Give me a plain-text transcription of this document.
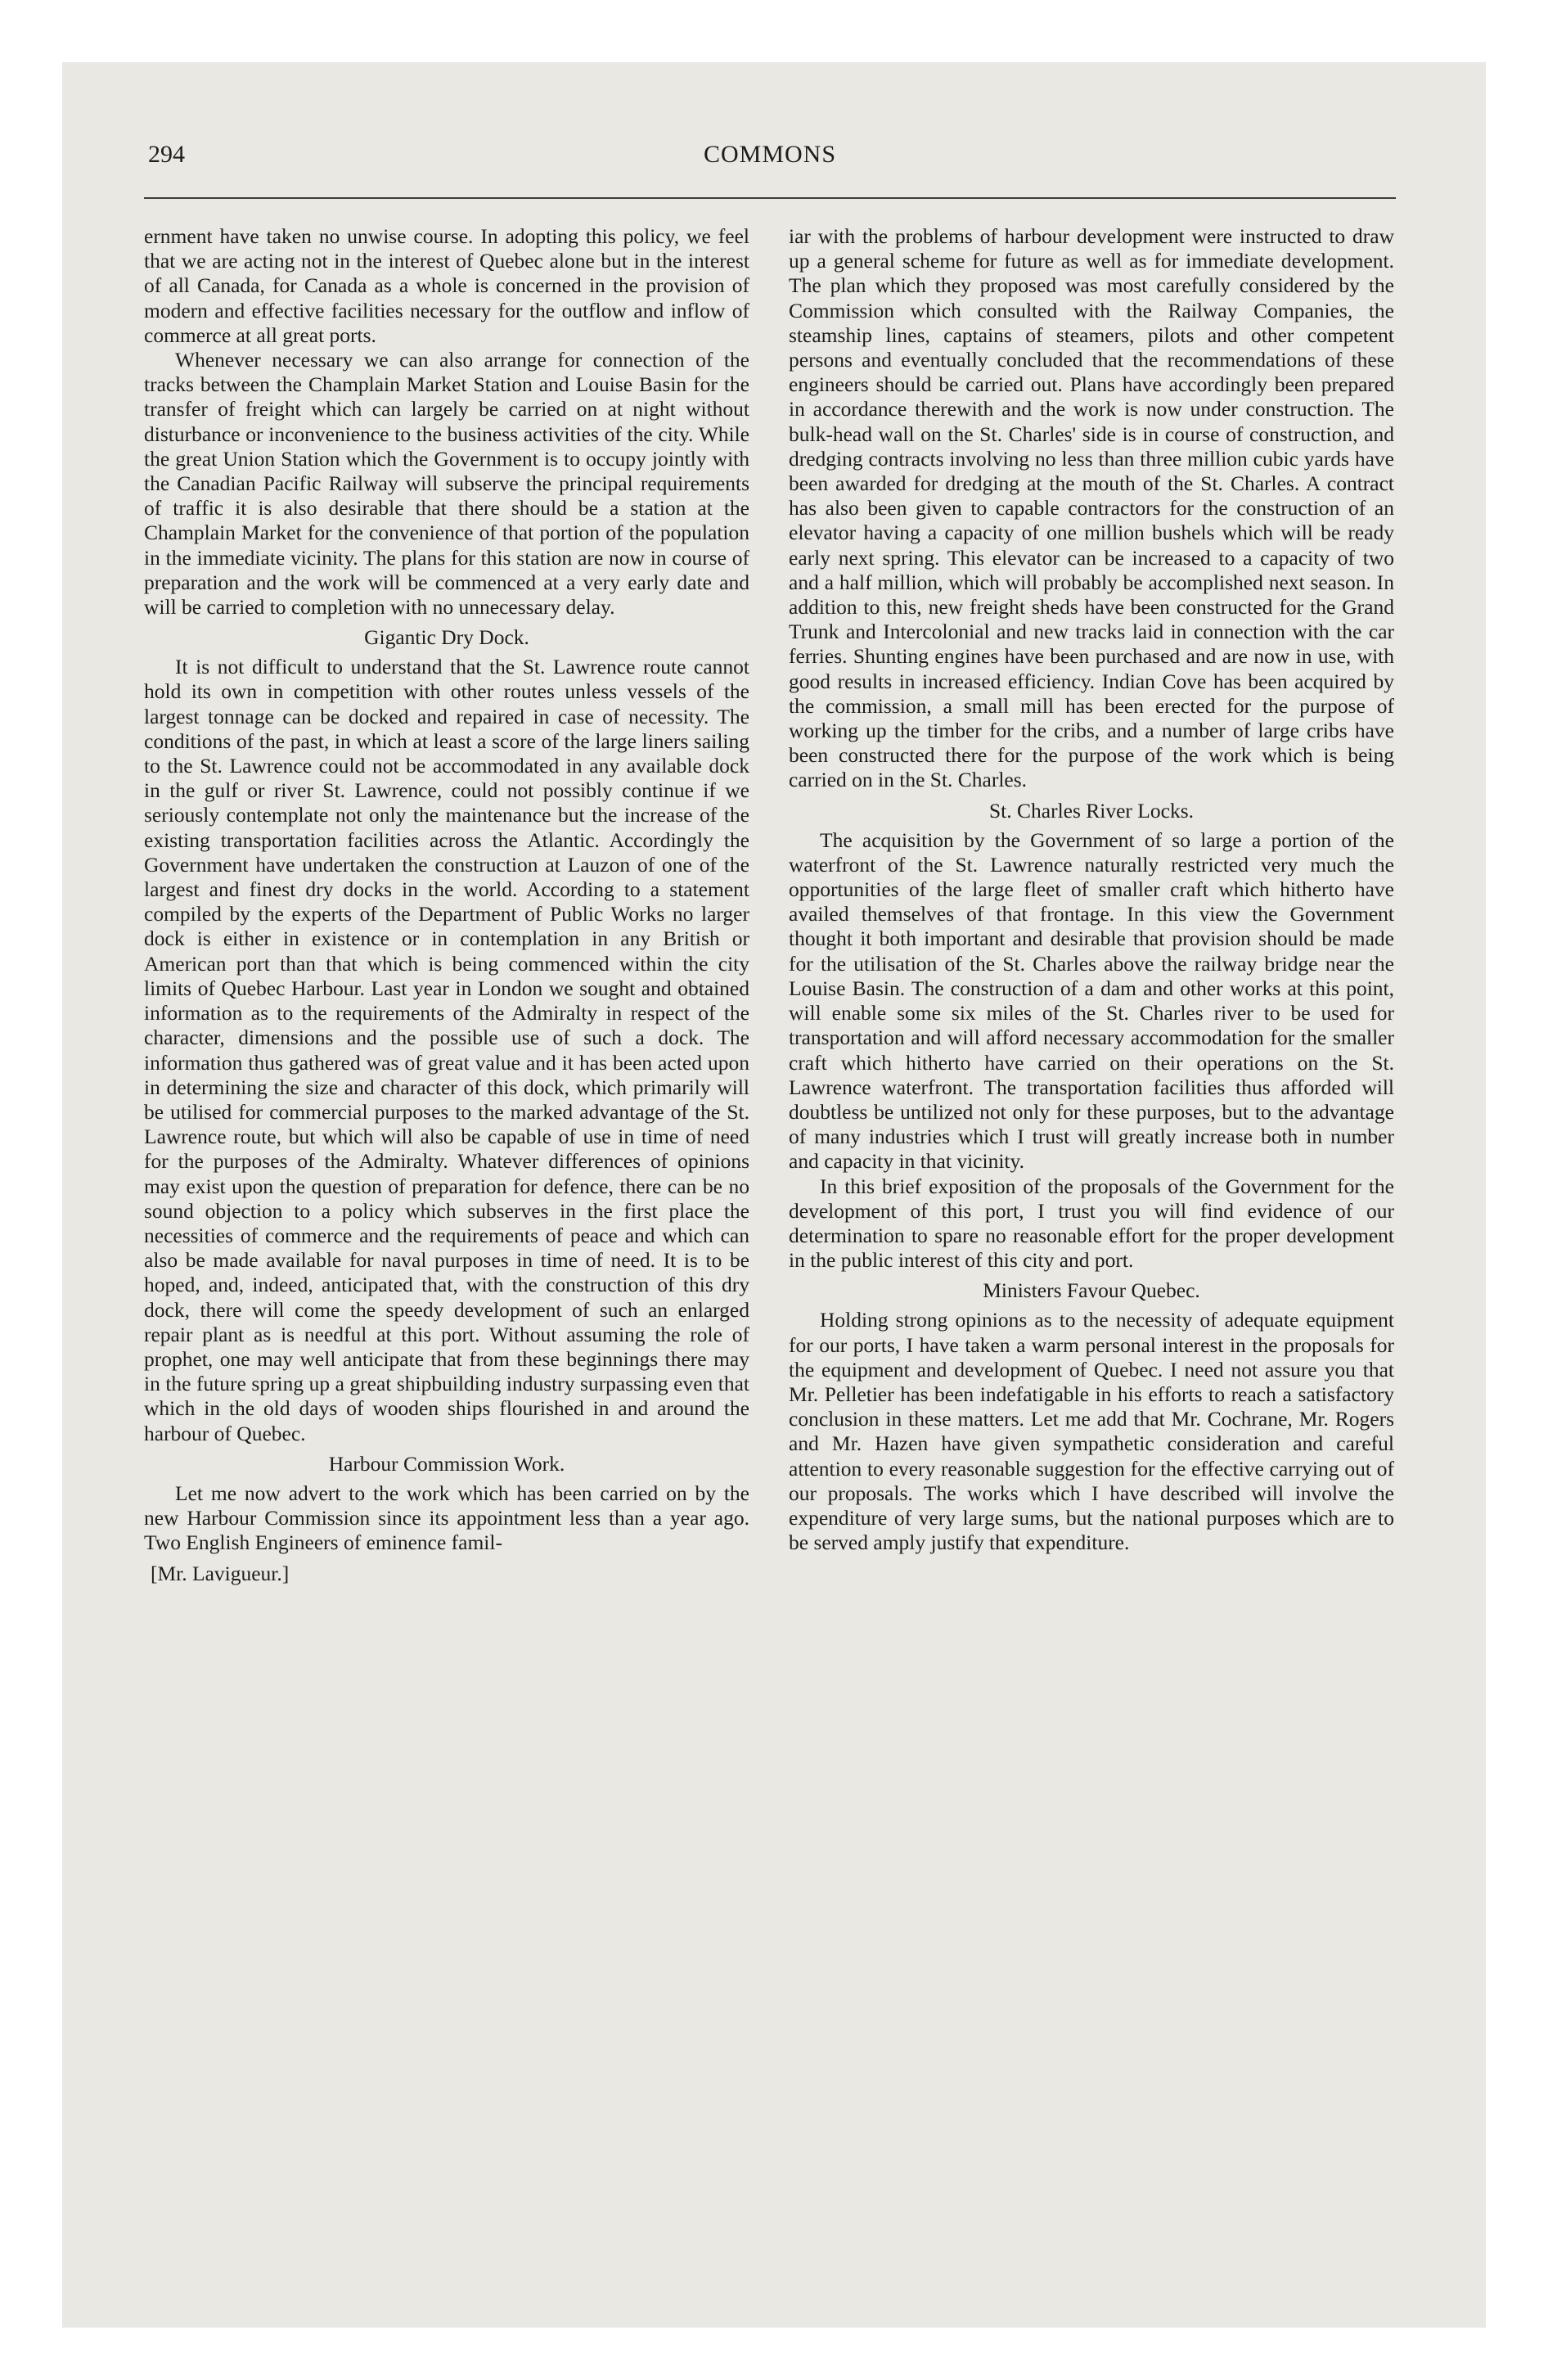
294	COMMONS

ernment have taken no unwise course. In adopting this policy, we feel that we are acting not in the interest of Quebec alone but in the interest of all Canada, for Canada as a whole is concerned in the provision of modern and effective facilities necessary for the outflow and inflow of commerce at all great ports.

Whenever necessary we can also arrange for connection of the tracks between the Champlain Market Station and Louise Basin for the transfer of freight which can largely be carried on at night without disturbance or inconvenience to the business activities of the city. While the great Union Station which the Government is to occupy jointly with the Canadian Pacific Railway will subserve the principal requirements of traffic it is also desirable that there should be a station at the Champlain Market for the convenience of that portion of the population in the immediate vicinity. The plans for this station are now in course of preparation and the work will be commenced at a very early date and will be carried to completion with no unnecessary delay.

Gigantic Dry Dock.

It is not difficult to understand that the St. Lawrence route cannot hold its own in competition with other routes unless vessels of the largest tonnage can be docked and repaired in case of necessity. The conditions of the past, in which at least a score of the large liners sailing to the St. Lawrence could not be accommodated in any available dock in the gulf or river St. Lawrence, could not possibly continue if we seriously contemplate not only the maintenance but the increase of the existing transportation facilities across the Atlantic. Accordingly the Government have undertaken the construction at Lauzon of one of the largest and finest dry docks in the world. According to a statement compiled by the experts of the Department of Public Works no larger dock is either in existence or in contemplation in any British or American port than that which is being commenced within the city limits of Quebec Harbour. Last year in London we sought and obtained information as to the requirements of the Admiralty in respect of the character, dimensions and the possible use of such a dock. The information thus gathered was of great value and it has been acted upon in determining the size and character of this dock, which primarily will be utilised for commercial purposes to the marked advantage of the St. Lawrence route, but which will also be capable of use in time of need for the purposes of the Admiralty. Whatever differences of opinions may exist upon the question of preparation for defence, there can be no sound objection to a policy which subserves in the first place the necessities of commerce and the requirements of peace and which can also be made available for naval purposes in time of need. It is to be hoped, and, indeed, anticipated that, with the construction of this dry dock, there will come the speedy development of such an enlarged repair plant as is needful at this port. Without assuming the role of prophet, one may well anticipate that from these beginnings there may in the future spring up a great shipbuilding industry surpassing even that which in the old days of wooden ships flourished in and around the harbour of Quebec.

Harbour Commission Work.

Let me now advert to the work which has been carried on by the new Harbour Commission since its appointment less than a year ago. Two English Engineers of eminence famil-

[Mr. Lavigueur.]

iar with the problems of harbour development were instructed to draw up a general scheme for future as well as for immediate development. The plan which they proposed was most carefully considered by the Commission which consulted with the Railway Companies, the steamship lines, captains of steamers, pilots and other competent persons and eventually concluded that the recommendations of these engineers should be carried out. Plans have accordingly been prepared in accordance therewith and the work is now under construction. The bulk-head wall on the St. Charles' side is in course of construction, and dredging contracts involving no less than three million cubic yards have been awarded for dredging at the mouth of the St. Charles. A contract has also been given to capable contractors for the construction of an elevator having a capacity of one million bushels which will be ready early next spring. This elevator can be increased to a capacity of two and a half million, which will probably be accomplished next season. In addition to this, new freight sheds have been constructed for the Grand Trunk and Intercolonial and new tracks laid in connection with the car ferries. Shunting engines have been purchased and are now in use, with good results in increased efficiency. Indian Cove has been acquired by the commission, a small mill has been erected for the purpose of working up the timber for the cribs, and a number of large cribs have been constructed there for the purpose of the work which is being carried on in the St. Charles.

St. Charles River Locks.

The acquisition by the Government of so large a portion of the waterfront of the St. Lawrence naturally restricted very much the opportunities of the large fleet of smaller craft which hitherto have availed themselves of that frontage. In this view the Government thought it both important and desirable that provision should be made for the utilisation of the St. Charles above the railway bridge near the Louise Basin. The construction of a dam and other works at this point, will enable some six miles of the St. Charles river to be used for transportation and will afford necessary accommodation for the smaller craft which hitherto have carried on their operations on the St. Lawrence waterfront. The transportation facilities thus afforded will doubtless be untilized not only for these purposes, but to the advantage of many industries which I trust will greatly increase both in number and capacity in that vicinity.

In this brief exposition of the proposals of the Government for the development of this port, I trust you will find evidence of our determination to spare no reasonable effort for the proper development in the public interest of this city and port.

Ministers Favour Quebec.

Holding strong opinions as to the necessity of adequate equipment for our ports, I have taken a warm personal interest in the proposals for the equipment and development of Quebec. I need not assure you that Mr. Pelletier has been indefatigable in his efforts to reach a satisfactory conclusion in these matters. Let me add that Mr. Cochrane, Mr. Rogers and Mr. Hazen have given sympathetic consideration and careful attention to every reasonable suggestion for the effective carrying out of our proposals. The works which I have described will involve the expenditure of very large sums, but the national purposes which are to be served amply justify that expenditure.
